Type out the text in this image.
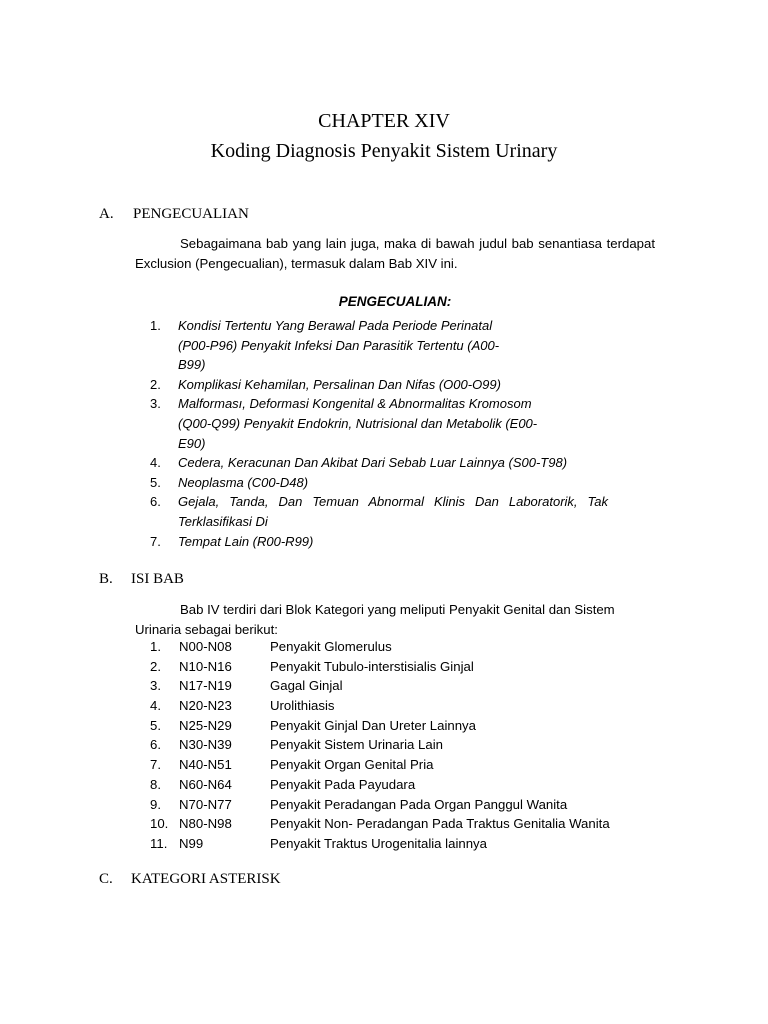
CHAPTER XIV
Koding Diagnosis Penyakit Sistem Urinary
A. PENGECUALIAN
Sebagaimana bab yang lain juga, maka di bawah judul bab senantiasa terdapat Exclusion (Pengecualian), termasuk dalam Bab XIV ini.
PENGECUALIAN:
1.	Kondisi Tertentu Yang Berawal Pada Periode Perinatal (P00-P96) Penyakit Infeksi Dan Parasitik Tertentu (A00-B99)
2.	Komplikasi Kehamilan, Persalinan Dan Nifas (O00-O99)
3.	Malforması, Deformasi Kongenital & Abnormalitas Kromosom (Q00-Q99) Penyakit Endokrin, Nutrisional dan Metabolik (E00-E90)
4.	Cedera, Keracunan Dan Akibat Dari Sebab Luar Lainnya (S00-T98)
5.	Neoplasma (C00-D48)
6.	Gejala, Tanda, Dan Temuan Abnormal Klinis Dan Laboratorik, Tak Terklasifikasi Di
7.	Tempat Lain (R00-R99)
B. ISI BAB
Bab IV terdiri dari Blok Kategori yang meliputi Penyakit Genital dan Sistem Urinaria sebagai berikut:
1.	N00-N08	Penyakit Glomerulus
2.	N10-N16	Penyakit Tubulo-interstisialis Ginjal
3.	N17-N19	Gagal Ginjal
4.	N20-N23	Urolithiasis
5.	N25-N29	Penyakit Ginjal Dan Ureter Lainnya
6.	N30-N39	Penyakit Sistem Urinaria Lain
7.	N40-N51	Penyakit Organ Genital Pria
8.	N60-N64	Penyakit Pada Payudara
9.	N70-N77	Penyakit Peradangan Pada Organ Panggul Wanita
10. N80-N98	Penyakit Non- Peradangan Pada Traktus Genitalia Wanita
11. N99	Penyakit Traktus Urogenitalia lainnya
C. KATEGORI ASTERISK
